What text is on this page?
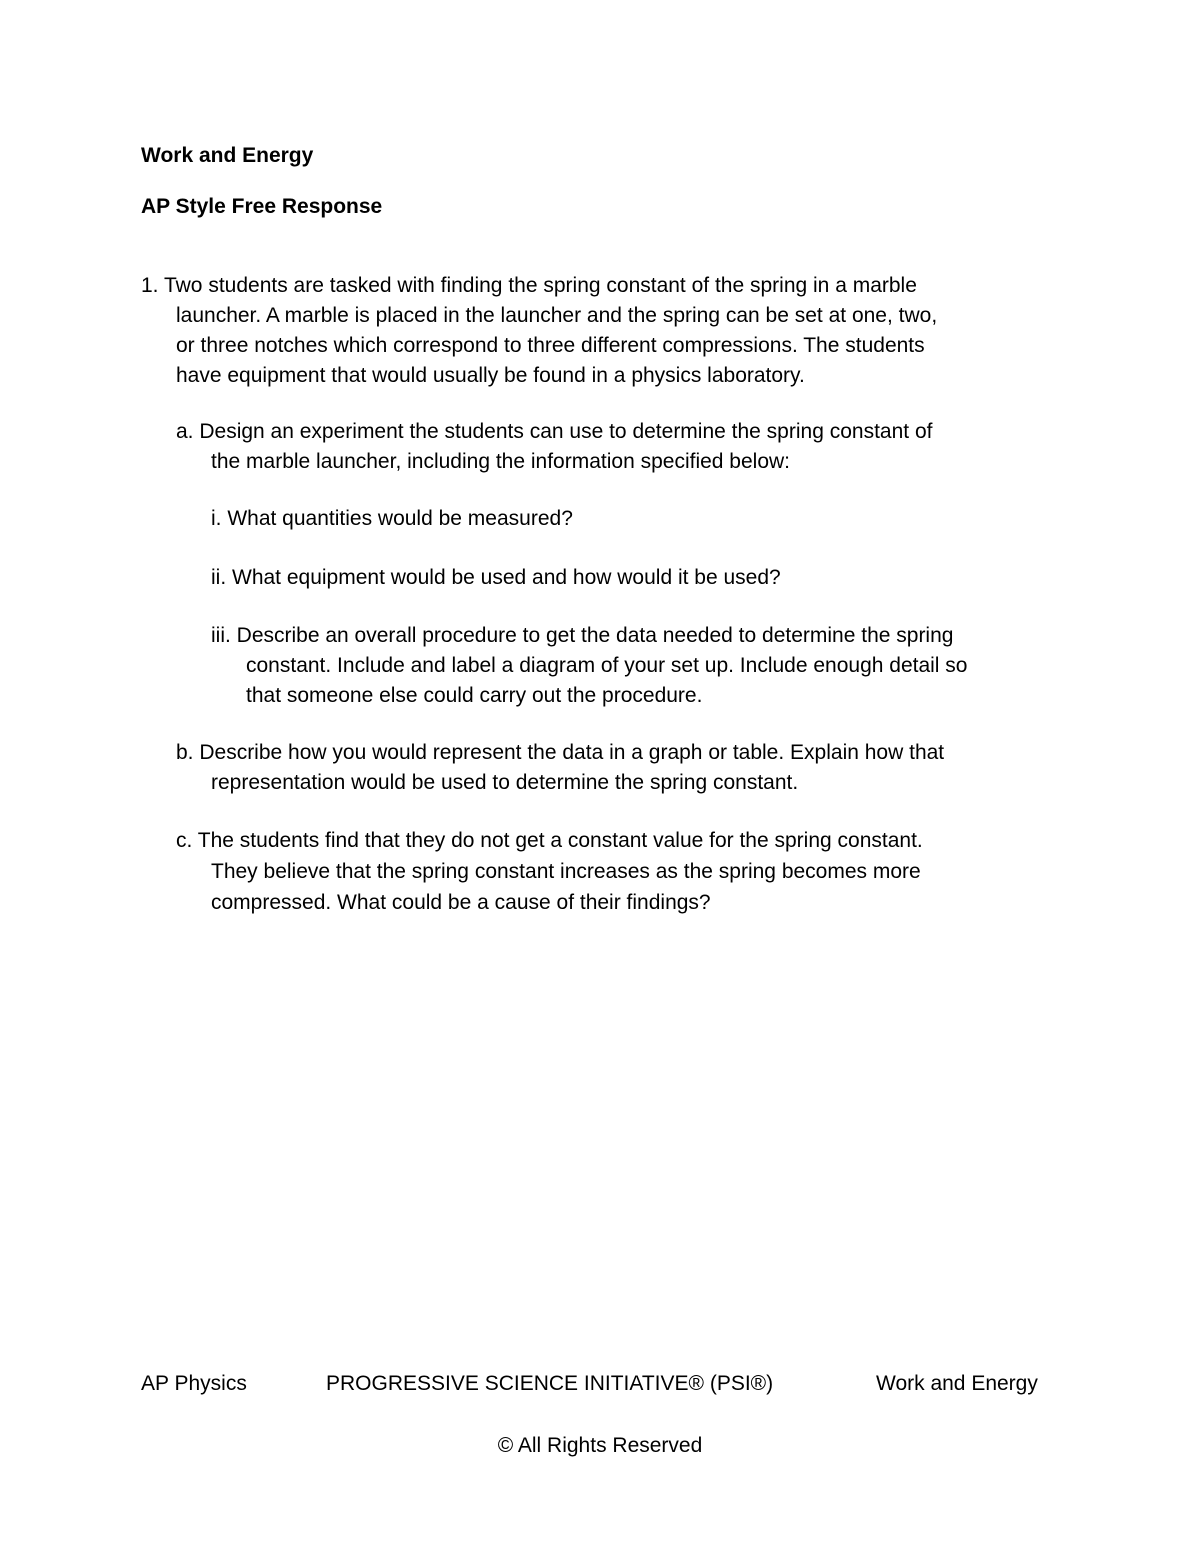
Work and Energy
AP Style Free Response
1. Two students are tasked with finding the spring constant of the spring in a marble
launcher. A marble is placed in the launcher and the spring can be set at one, two,
or three notches which correspond to three different compressions. The students
have equipment that would usually be found in a physics laboratory.
a. Design an experiment the students can use to determine the spring constant of
the marble launcher, including the information specified below:
i. What quantities would be measured?
ii. What equipment would be used and how would it be used?
iii. Describe an overall procedure to get the data needed to determine the spring
constant. Include and label a diagram of your set up. Include enough detail so
that someone else could carry out the procedure.
b. Describe how you would represent the data in a graph or table. Explain how that
representation would be used to determine the spring constant.
c. The students find that they do not get a constant value for the spring constant.
They believe that the spring constant increases as the spring becomes more
compressed. What could be a cause of their findings?
AP Physics	PROGRESSIVE SCIENCE INITIATIVE® (PSI®)	Work and Energy
© All Rights Reserved
